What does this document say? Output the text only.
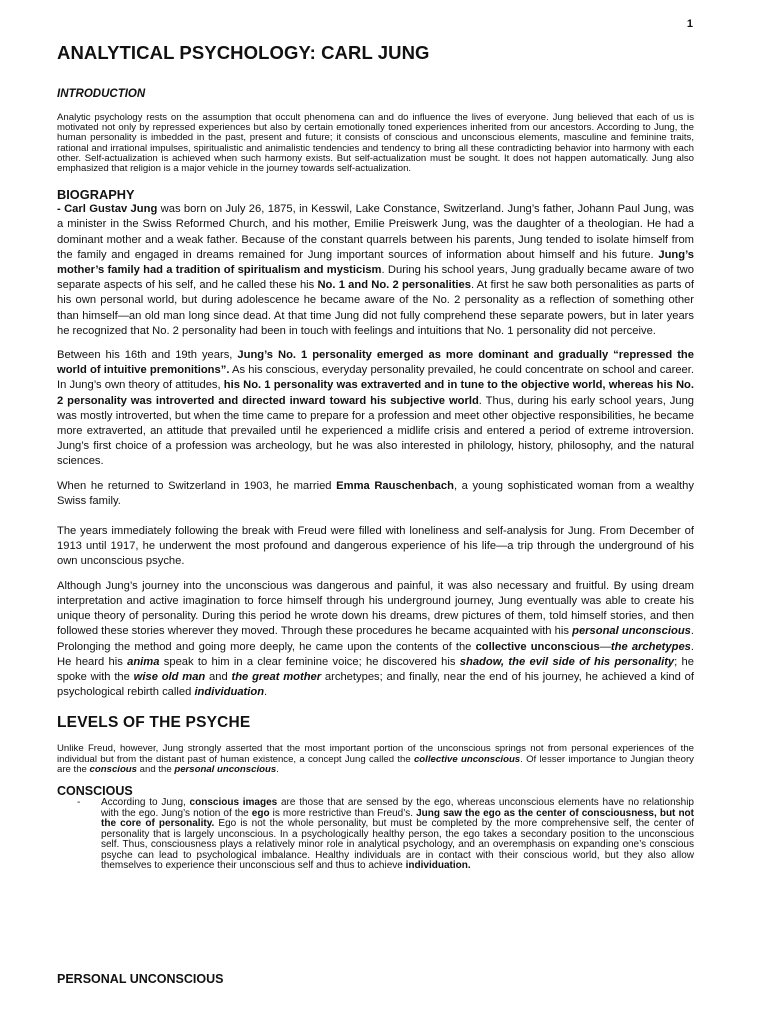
1
ANALYTICAL PSYCHOLOGY: CARL JUNG
INTRODUCTION

Analytic psychology rests on the assumption that occult phenomena can and do influence the lives of everyone. Jung believed that each of us is motivated not only by repressed experiences but also by certain emotionally toned experiences inherited from our ancestors. According to Jung, the human personality is imbedded in the past, present and future; it consists of conscious and unconscious elements, masculine and feminine traits, rational and irrational impulses, spiritualistic and animalistic tendencies and tendency to bring all these contradicting behavior into harmony with each other. Self-actualization is achieved when such harmony exists. But self-actualization must be sought. It does not happen automatically. Jung also emphasized that religion is a major vehicle in the journey towards self-actualization.

BIOGRAPHY

- Carl Gustav Jung was born on July 26, 1875, in Kesswil, Lake Constance, Switzerland. Jung’s father, Johann Paul Jung, was a minister in the Swiss Reformed Church, and his mother, Emilie Preiswerk Jung, was the daughter of a theologian. He had a dominant mother and a weak father. Because of the constant quarrels between his parents, Jung tended to isolate himself from the family and engaged in dreams remained for Jung important sources of information about himself and his future. Jung’s mother’s family had a tradition of spiritualism and mysticism. During his school years, Jung gradually became aware of two separate aspects of his self, and he called these his No. 1 and No. 2 personalities. At first he saw both personalities as parts of his own personal world, but during adolescence he became aware of the No. 2 personality as a reflection of something other than himself—an old man long since dead. At that time Jung did not fully comprehend these separate powers, but in later years he recognized that No. 2 personality had been in touch with feelings and intuitions that No. 1 personality did not perceive.

Between his 16th and 19th years, Jung’s No. 1 personality emerged as more dominant and gradually “repressed the world of intuitive premonitions”. As his conscious, everyday personality prevailed, he could concentrate on school and career. In Jung’s own theory of attitudes, his No. 1 personality was extraverted and in tune to the objective world, whereas his No. 2 personality was introverted and directed inward toward his subjective world. Thus, during his early school years, Jung was mostly introverted, but when the time came to prepare for a profession and meet other objective responsibilities, he became more extraverted, an attitude that prevailed until he experienced a midlife crisis and entered a period of extreme introversion. Jung’s first choice of a profession was archeology, but he was also interested in philology, history, philosophy, and the natural sciences.

When he returned to Switzerland in 1903, he married Emma Rauschenbach, a young sophisticated woman from a wealthy Swiss family.

The years immediately following the break with Freud were filled with loneliness and self-analysis for Jung. From December of 1913 until 1917, he underwent the most profound and dangerous experience of his life—a trip through the underground of his own unconscious psyche.

Although Jung’s journey into the unconscious was dangerous and painful, it was also necessary and fruitful. By using dream interpretation and active imagination to force himself through his underground journey, Jung eventually was able to create his unique theory of personality. During this period he wrote down his dreams, drew pictures of them, told himself stories, and then followed these stories wherever they moved. Through these procedures he became acquainted with his personal unconscious. Prolonging the method and going more deeply, he came upon the contents of the collective unconscious—the archetypes. He heard his anima speak to him in a clear feminine voice; he discovered his shadow, the evil side of his personality; he spoke with the wise old man and the great mother archetypes; and finally, near the end of his journey, he achieved a kind of psychological rebirth called individuation.

LEVELS OF THE PSYCHE

Unlike Freud, however, Jung strongly asserted that the most important portion of the unconscious springs not from personal experiences of the individual but from the distant past of human existence, a concept Jung called the collective unconscious. Of lesser importance to Jungian theory are the conscious and the personal unconscious.

CONSCIOUS
-	According to Jung, conscious images are those that are sensed by the ego, whereas unconscious elements have no relationship with the ego. Jung’s notion of the ego is more restrictive than Freud’s. Jung saw the ego as the center of consciousness, but not the core of personality. Ego is not the whole personality, but must be completed by the more comprehensive self, the center of personality that is largely unconscious. In a psychologically healthy person, the ego takes a secondary position to the unconscious self. Thus, consciousness plays a relatively minor role in analytical psychology, and an overemphasis on expanding one’s conscious psyche can lead to psychological imbalance. Healthy individuals are in contact with their conscious world, but they also allow themselves to experience their unconscious self and thus to achieve individuation.
PERSONAL UNCONSCIOUS
